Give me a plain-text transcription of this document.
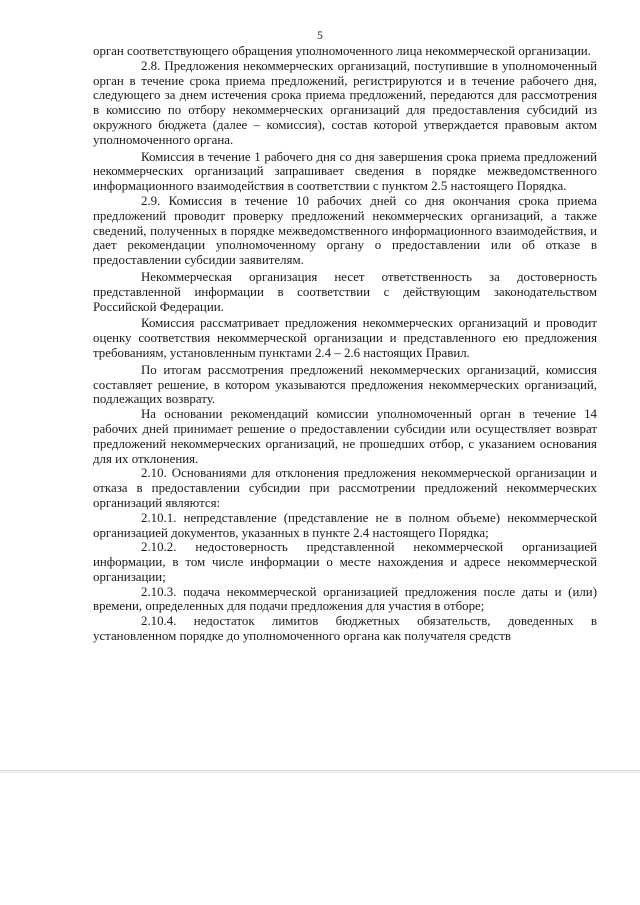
5

орган соответствующего обращения уполномоченного лица некоммерческой организации.

2.8. Предложения некоммерческих организаций, поступившие в уполномоченный орган в течение срока приема предложений, регистрируются и в течение рабочего дня, следующего за днем истечения срока приема предложений, передаются для рассмотрения в комиссию по отбору некоммерческих организаций для предоставления субсидий из окружного бюджета (далее – комиссия), состав которой утверждается правовым актом уполномоченного органа.

Комиссия в течение 1 рабочего дня со дня завершения срока приема предложений некоммерческих организаций запрашивает сведения в порядке межведомственного информационного взаимодействия в соответствии с пунктом 2.5 настоящего Порядка.

2.9. Комиссия в течение 10 рабочих дней со дня окончания срока приема предложений проводит проверку предложений некоммерческих организаций, а также сведений, полученных в порядке межведомственного информационного взаимодействия, и дает рекомендации уполномоченному органу о предоставлении или об отказе в предоставлении субсидии заявителям.

Некоммерческая организация несет ответственность за достоверность представленной информации в соответствии с действующим законодательством Российской Федерации.

Комиссия рассматривает предложения некоммерческих организаций и проводит оценку соответствия некоммерческой организации и представленного ею предложения требованиям, установленным пунктами 2.4 – 2.6 настоящих Правил.

По итогам рассмотрения предложений некоммерческих организаций, комиссия составляет решение, в котором указываются предложения некоммерческих организаций, подлежащих возврату.

На основании рекомендаций комиссии уполномоченный орган в течение 14 рабочих дней принимает решение о предоставлении субсидии или осуществляет возврат предложений некоммерческих организаций, не прошедших отбор, с указанием основания для их отклонения.

2.10. Основаниями для отклонения предложения некоммерческой организации и отказа в предоставлении субсидии при рассмотрении предложений некоммерческих организаций являются:

2.10.1. непредставление (представление не в полном объеме) некоммерческой организацией документов, указанных в пункте 2.4 настоящего Порядка;

2.10.2. недостоверность представленной некоммерческой организацией информации, в том числе информации о месте нахождения и адресе некоммерческой организации;

2.10.3. подача некоммерческой организацией предложения после даты и (или) времени, определенных для подачи предложения для участия в отборе;

2.10.4. недостаток лимитов бюджетных обязательств, доведенных в установленном порядке до уполномоченного органа как получателя средств
